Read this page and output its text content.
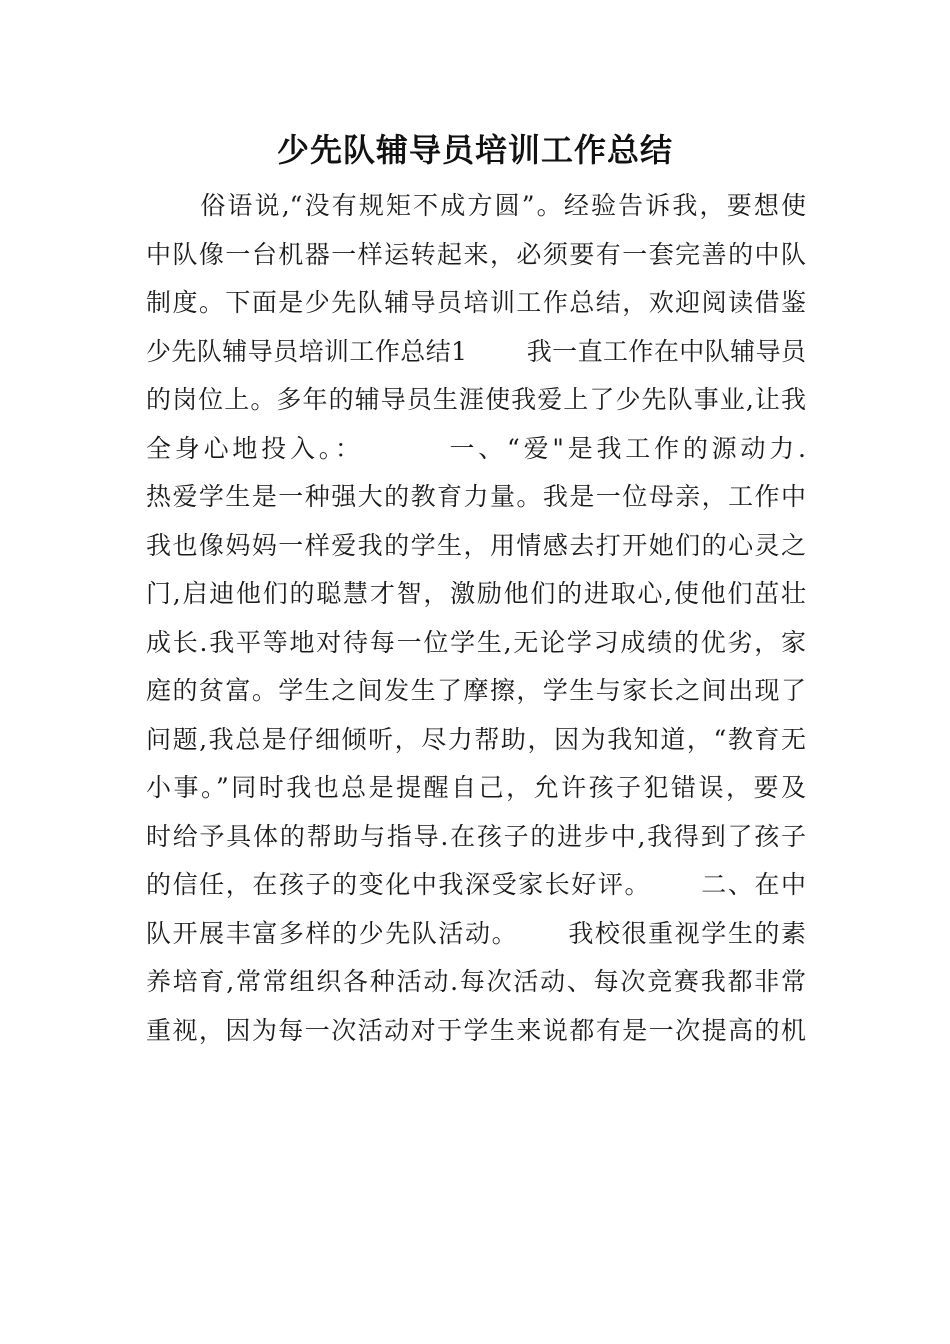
少先队辅导员培训工作总结
　　俗语说,“没有规矩不成方圆”。经验告诉我，要想使
中队像一台机器一样运转起来，必须要有一套完善的中队
制度。下面是少先队辅导员培训工作总结，欢迎阅读借鉴
少先队辅导员培训工作总结1　　 我一直工作在中队辅导员
的岗位上。多年的辅导员生涯使我爱上了少先队事业,让我
全身心地投入。：　　　 一、“爱"是我工作的源动力.
热爱学生是一种强大的教育力量。我是一位母亲，工作中
我也像妈妈一样爱我的学生，用情感去打开她们的心灵之
门,启迪他们的聪慧才智，激励他们的进取心,使他们茁壮
成长.我平等地对待每一位学生,无论学习成绩的优劣，家
庭的贫富。学生之间发生了摩擦，学生与家长之间出现了
问题,我总是仔细倾听，尽力帮助，因为我知道，“教育无
小事。”同时我也总是提醒自己，允许孩子犯错误，要及
时给予具体的帮助与指导.在孩子的进步中,我得到了孩子
的信任，在孩子的变化中我深受家长好评。　　 二、在中
队开展丰富多样的少先队活动。　　 我校很重视学生的素
养培育,常常组织各种活动.每次活动、每次竞赛我都非常
重视，因为每一次活动对于学生来说都有是一次提高的机
